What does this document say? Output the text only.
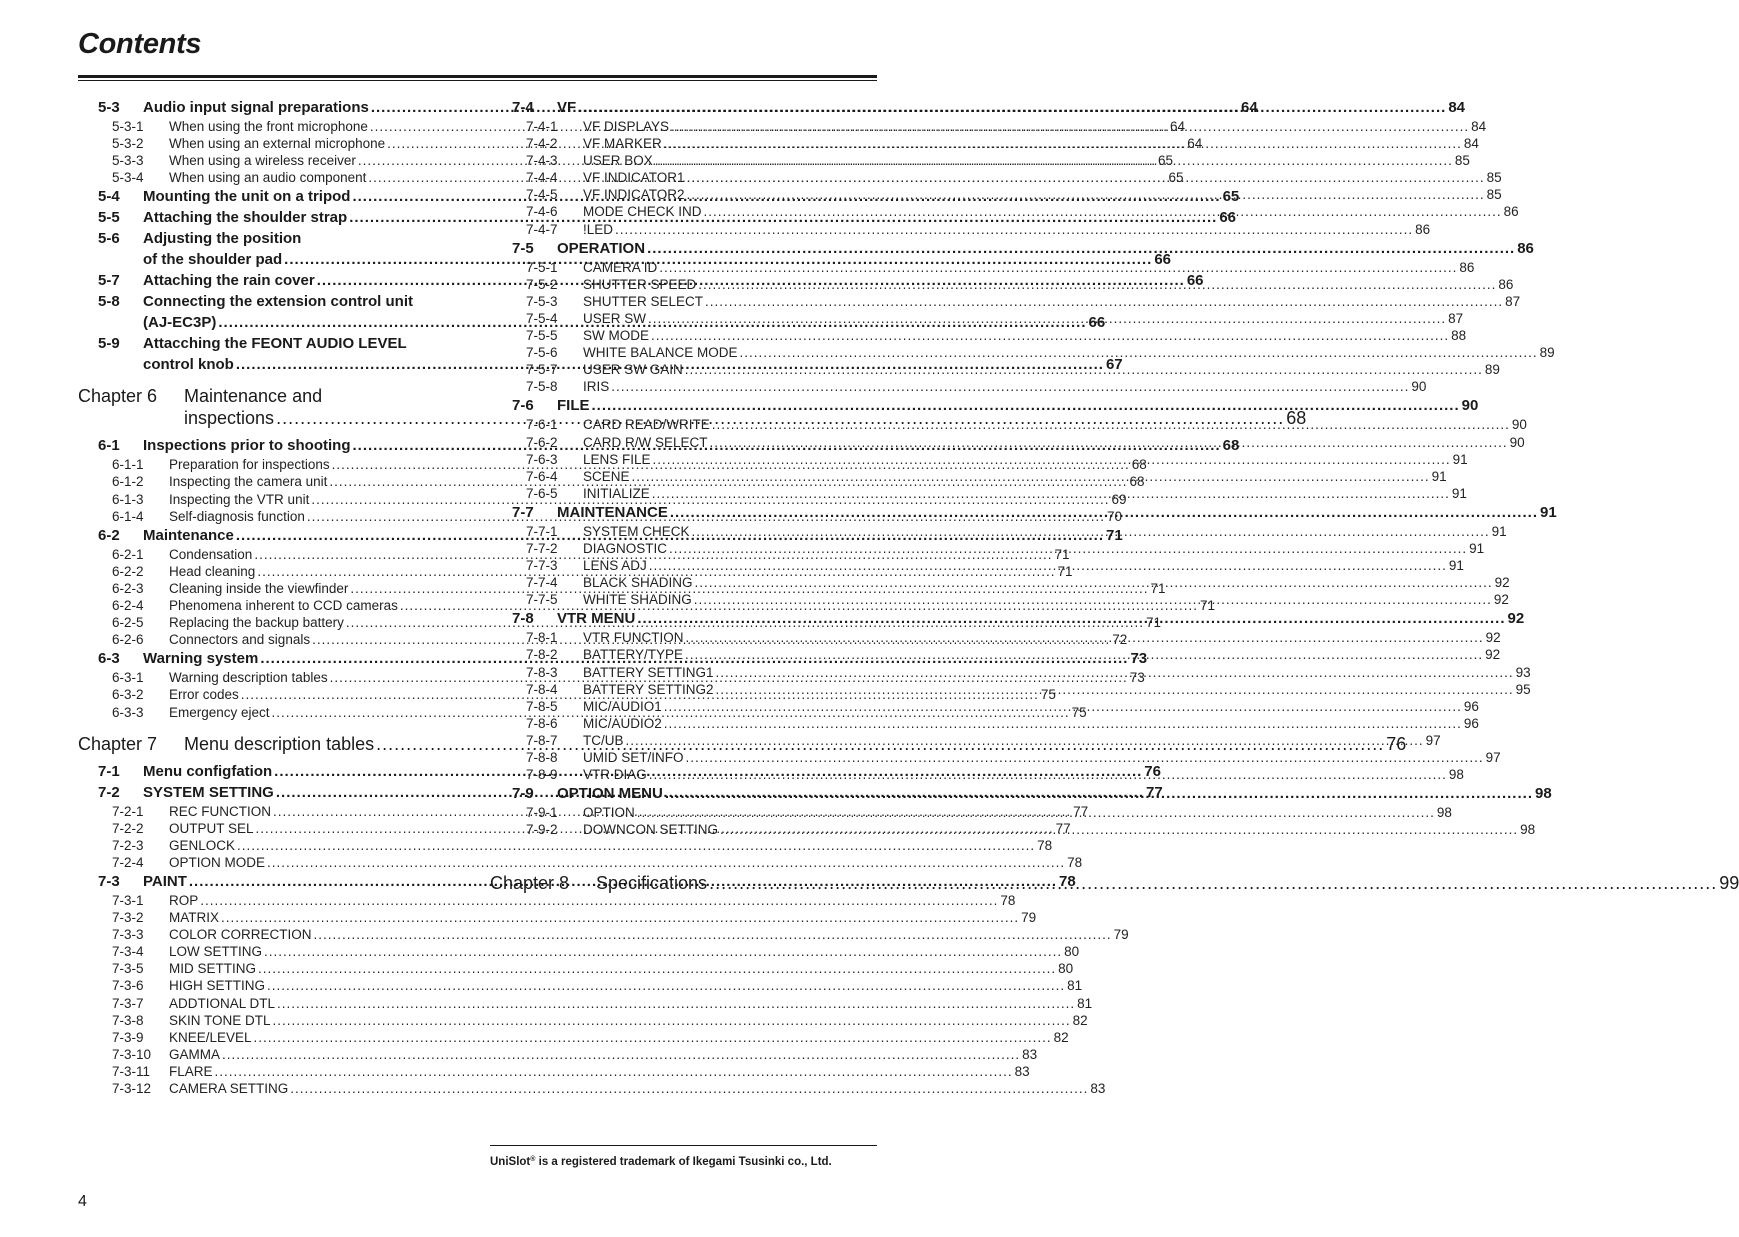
Contents
5-3	Audio input signal preparations .....	64
5-3-1	When using the front microphone .....	64
5-3-2	When using an external microphone .....	64
5-3-3	When using a wireless receiver .....	65
5-3-4	When using an audio component .....	65
5-4	Mounting the unit on a tripod .....	65
5-5	Attaching the shoulder strap .....	66
5-6	Adjusting the position
of the shoulder pad .....	66
5-7	Attaching the rain cover .....	66
5-8	Connecting the extension control unit
(AJ-EC3P) .....	66
5-9	Attacching the FEONT AUDIO LEVEL
control knob .....	67
Chapter 6	Maintenance and
inspections .....	68
6-1	Inspections prior to shooting .....	68
6-1-1	Preparation for inspections .....	68
6-1-2	Inspecting the camera unit .....	68
6-1-3	Inspecting the VTR unit .....	69
6-1-4	Self-diagnosis function .....	70
6-2	Maintenance .....	71
6-2-1	Condensation .....	71
6-2-2	Head cleaning .....	71
6-2-3	Cleaning inside the viewfinder .....	71
6-2-4	Phenomena inherent to CCD cameras .....	71
6-2-5	Replacing the backup battery .....	71
6-2-6	Connectors and signals .....	72
6-3	Warning system .....	73
6-3-1	Warning description tables .....	73
6-3-2	Error codes .....	75
6-3-3	Emergency eject .....	75
Chapter 7	Menu description tables .....	76
7-1	Menu configfation .....	76
7-2	SYSTEM SETTING .....	77
7-2-1	REC FUNCTION .....	77
7-2-2	OUTPUT SEL .....	77
7-2-3	GENLOCK .....	78
7-2-4	OPTION MODE .....	78
7-3	PAINT .....	78
7-3-1	ROP .....	78
7-3-2	MATRIX .....	79
7-3-3	COLOR CORRECTION .....	79
7-3-4	LOW SETTING .....	80
7-3-5	MID SETTING .....	80
7-3-6	HIGH SETTING .....	81
7-3-7	ADDTIONAL DTL .....	81
7-3-8	SKIN TONE DTL .....	82
7-3-9	KNEE/LEVEL .....	82
7-3-10	GAMMA .....	83
7-3-11	FLARE .....	83
7-3-12	CAMERA SETTING .....	83
7-4	VF .....	84
7-4-1	VF DISPLAYS .....	84
7-4-2	VF MARKER .....	84
7-4-3	USER BOX .....	85
7-4-4	VF INDICATOR1 .....	85
7-4-5	VF INDICATOR2 .....	85
7-4-6	MODE CHECK IND .....	86
7-4-7	!LED .....	86
7-5	OPERATION .....	86
7-5-1	CAMERA ID .....	86
7-5-2	SHUTTER SPEED .....	86
7-5-3	SHUTTER SELECT .....	87
7-5-4	USER SW .....	87
7-5-5	SW MODE .....	88
7-5-6	WHITE BALANCE MODE .....	89
7-5-7	USER SW GAIN .....	89
7-5-8	IRIS .....	90
7-6	FILE .....	90
7-6-1	CARD READ/WRITE .....	90
7-6-2	CARD R/W SELECT .....	90
7-6-3	LENS FILE .....	91
7-6-4	SCENE .....	91
7-6-5	INITIALIZE .....	91
7-7	MAINTENANCE .....	91
7-7-1	SYSTEM CHECK .....	91
7-7-2	DIAGNOSTIC .....	91
7-7-3	LENS ADJ .....	91
7-7-4	BLACK SHADING .....	92
7-7-5	WHITE SHADING .....	92
7-8	VTR MENU .....	92
7-8-1	VTR FUNCTION .....	92
7-8-2	BATTERY/TYPE .....	92
7-8-3	BATTERY SETTING1 .....	93
7-8-4	BATTERY SETTING2 .....	95
7-8-5	MIC/AUDIO1 .....	96
7-8-6	MIC/AUDIO2 .....	96
7-8-7	TC/UB .....	97
7-8-8	UMID SET/INFO .....	97
7-8-9	VTR DIAG .....	98
7-9	OPTION MENU .....	98
7-9-1	OPTION .....	98
7-9-2	DOWNCON SETTING .....	98
Chapter 8	Specifications .....	99
UniSlot® is a registered trademark of Ikegami Tsusinki co., Ltd.
4
